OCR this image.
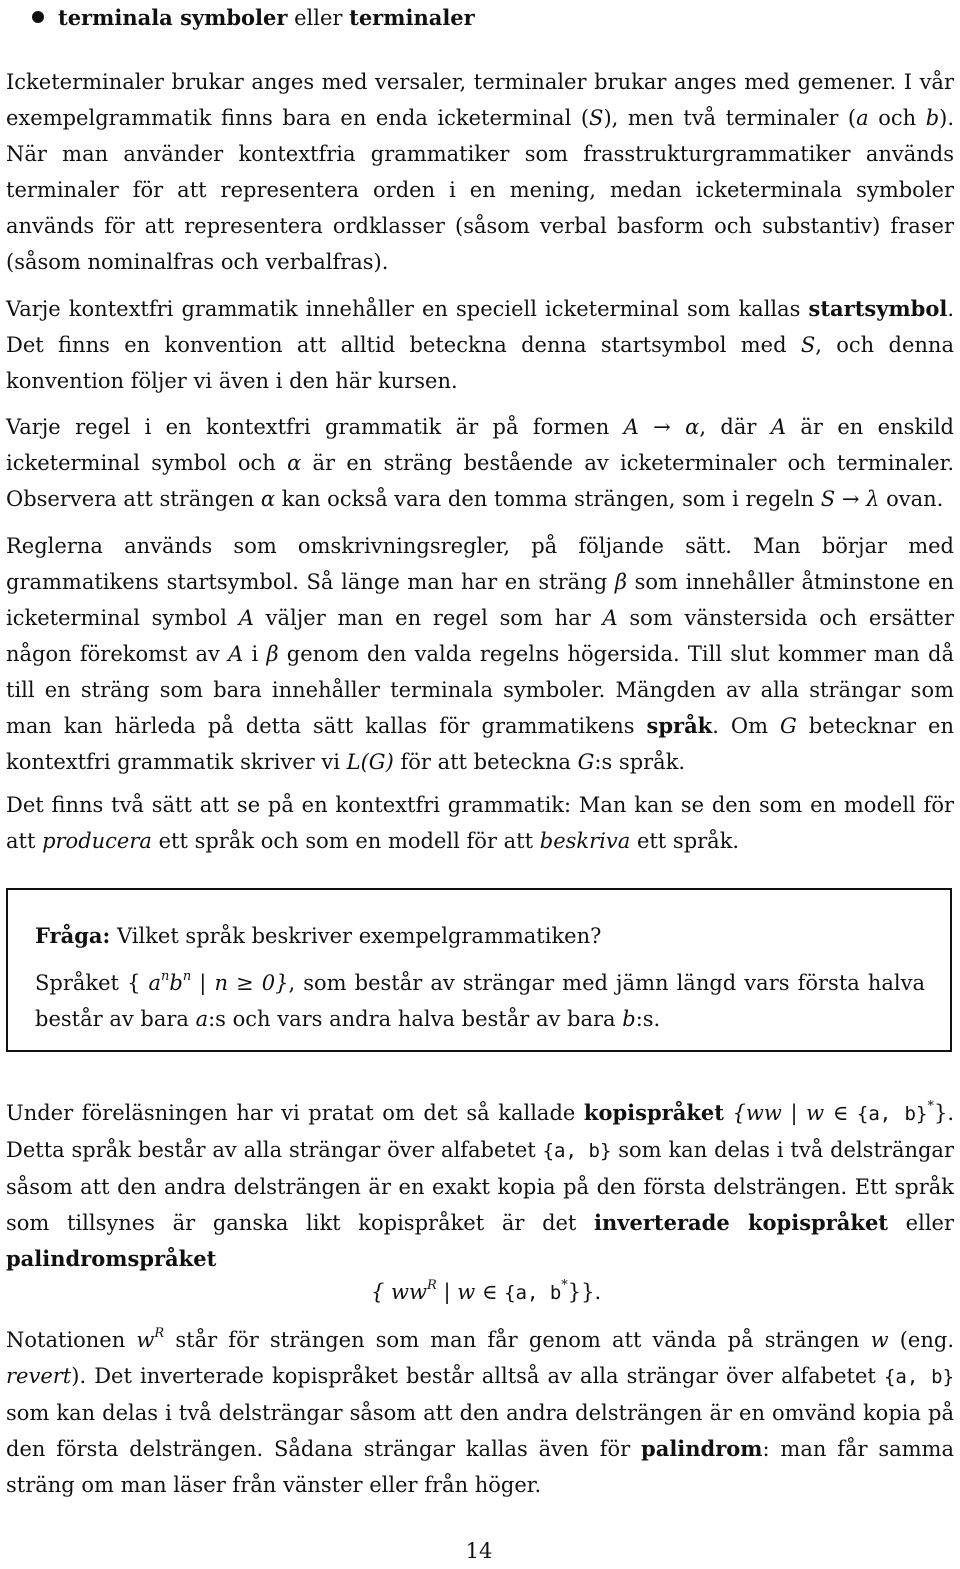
terminala symboler eller terminaler

Icketerminaler brukar anges med versaler, terminaler brukar anges med gemener. I vår exempelgrammatik finns bara en enda icketerminal (S), men två terminaler (a och b). När man använder kontextfria grammatiker som frasstrukturgrammatiker används terminaler för att representera orden i en mening, medan icketerminala symboler används för att representera ordklasser (såsom verbal basform och substantiv) fraser (såsom nominalfras och verbalfras).

Varje kontextfri grammatik innehåller en speciell icketerminal som kallas startsymbol. Det finns en konvention att alltid beteckna denna startsymbol med S, och denna konvention följer vi även i den här kursen.

Varje regel i en kontextfri grammatik är på formen A → α, där A är en enskild icketerminal symbol och α är en sträng bestående av icketerminaler och terminaler. Observera att strängen α kan också vara den tomma strängen, som i regeln S → λ ovan.

Reglerna används som omskrivningsregler, på följande sätt. Man börjar med grammatikens startsymbol. Så länge man har en sträng β som innehåller åtminstone en icketerminal symbol A väljer man en regel som har A som vänstersida och ersätter någon förekomst av A i β genom den valda regelns högersida. Till slut kommer man då till en sträng som bara innehåller terminala symboler. Mängden av alla strängar som man kan härleda på detta sätt kallas för grammatikens språk. Om G betecknar en kontextfri grammatik skriver vi L(G) för att beteckna G:s språk.

Det finns två sätt att se på en kontextfri grammatik: Man kan se den som en modell för att producera ett språk och som en modell för att beskriva ett språk.

Fråga: Vilket språk beskriver exempelgrammatiken?

Språket { $a^nb^n$ | n ≥ 0}, som består av strängar med jämn längd vars första halva består av bara a:s och vars andra halva består av bara b:s.

Under föreläsningen har vi pratat om det så kallade kopispråket {ww | w ∈ {a, b}*}. Detta språk består av alla strängar över alfabetet {a, b} som kan delas i två delsträngar såsom att den andra delsträngen är en exakt kopia på den första delsträngen. Ett språk som tillsynes är ganska likt kopispråket är det inverterade kopispråket eller palindromspråket

{ $ww^R$ | w ∈ {a, b*}}.

Notationen $w^R$ står för strängen som man får genom att vända på strängen w (eng. revert). Det inverterade kopispråket består alltså av alla strängar över alfabetet {a, b} som kan delas i två delsträngar såsom att den andra delsträngen är en omvänd kopia på den första delsträngen. Sådana strängar kallas även för palindrom: man får samma sträng om man läser från vänster eller från höger.

14
